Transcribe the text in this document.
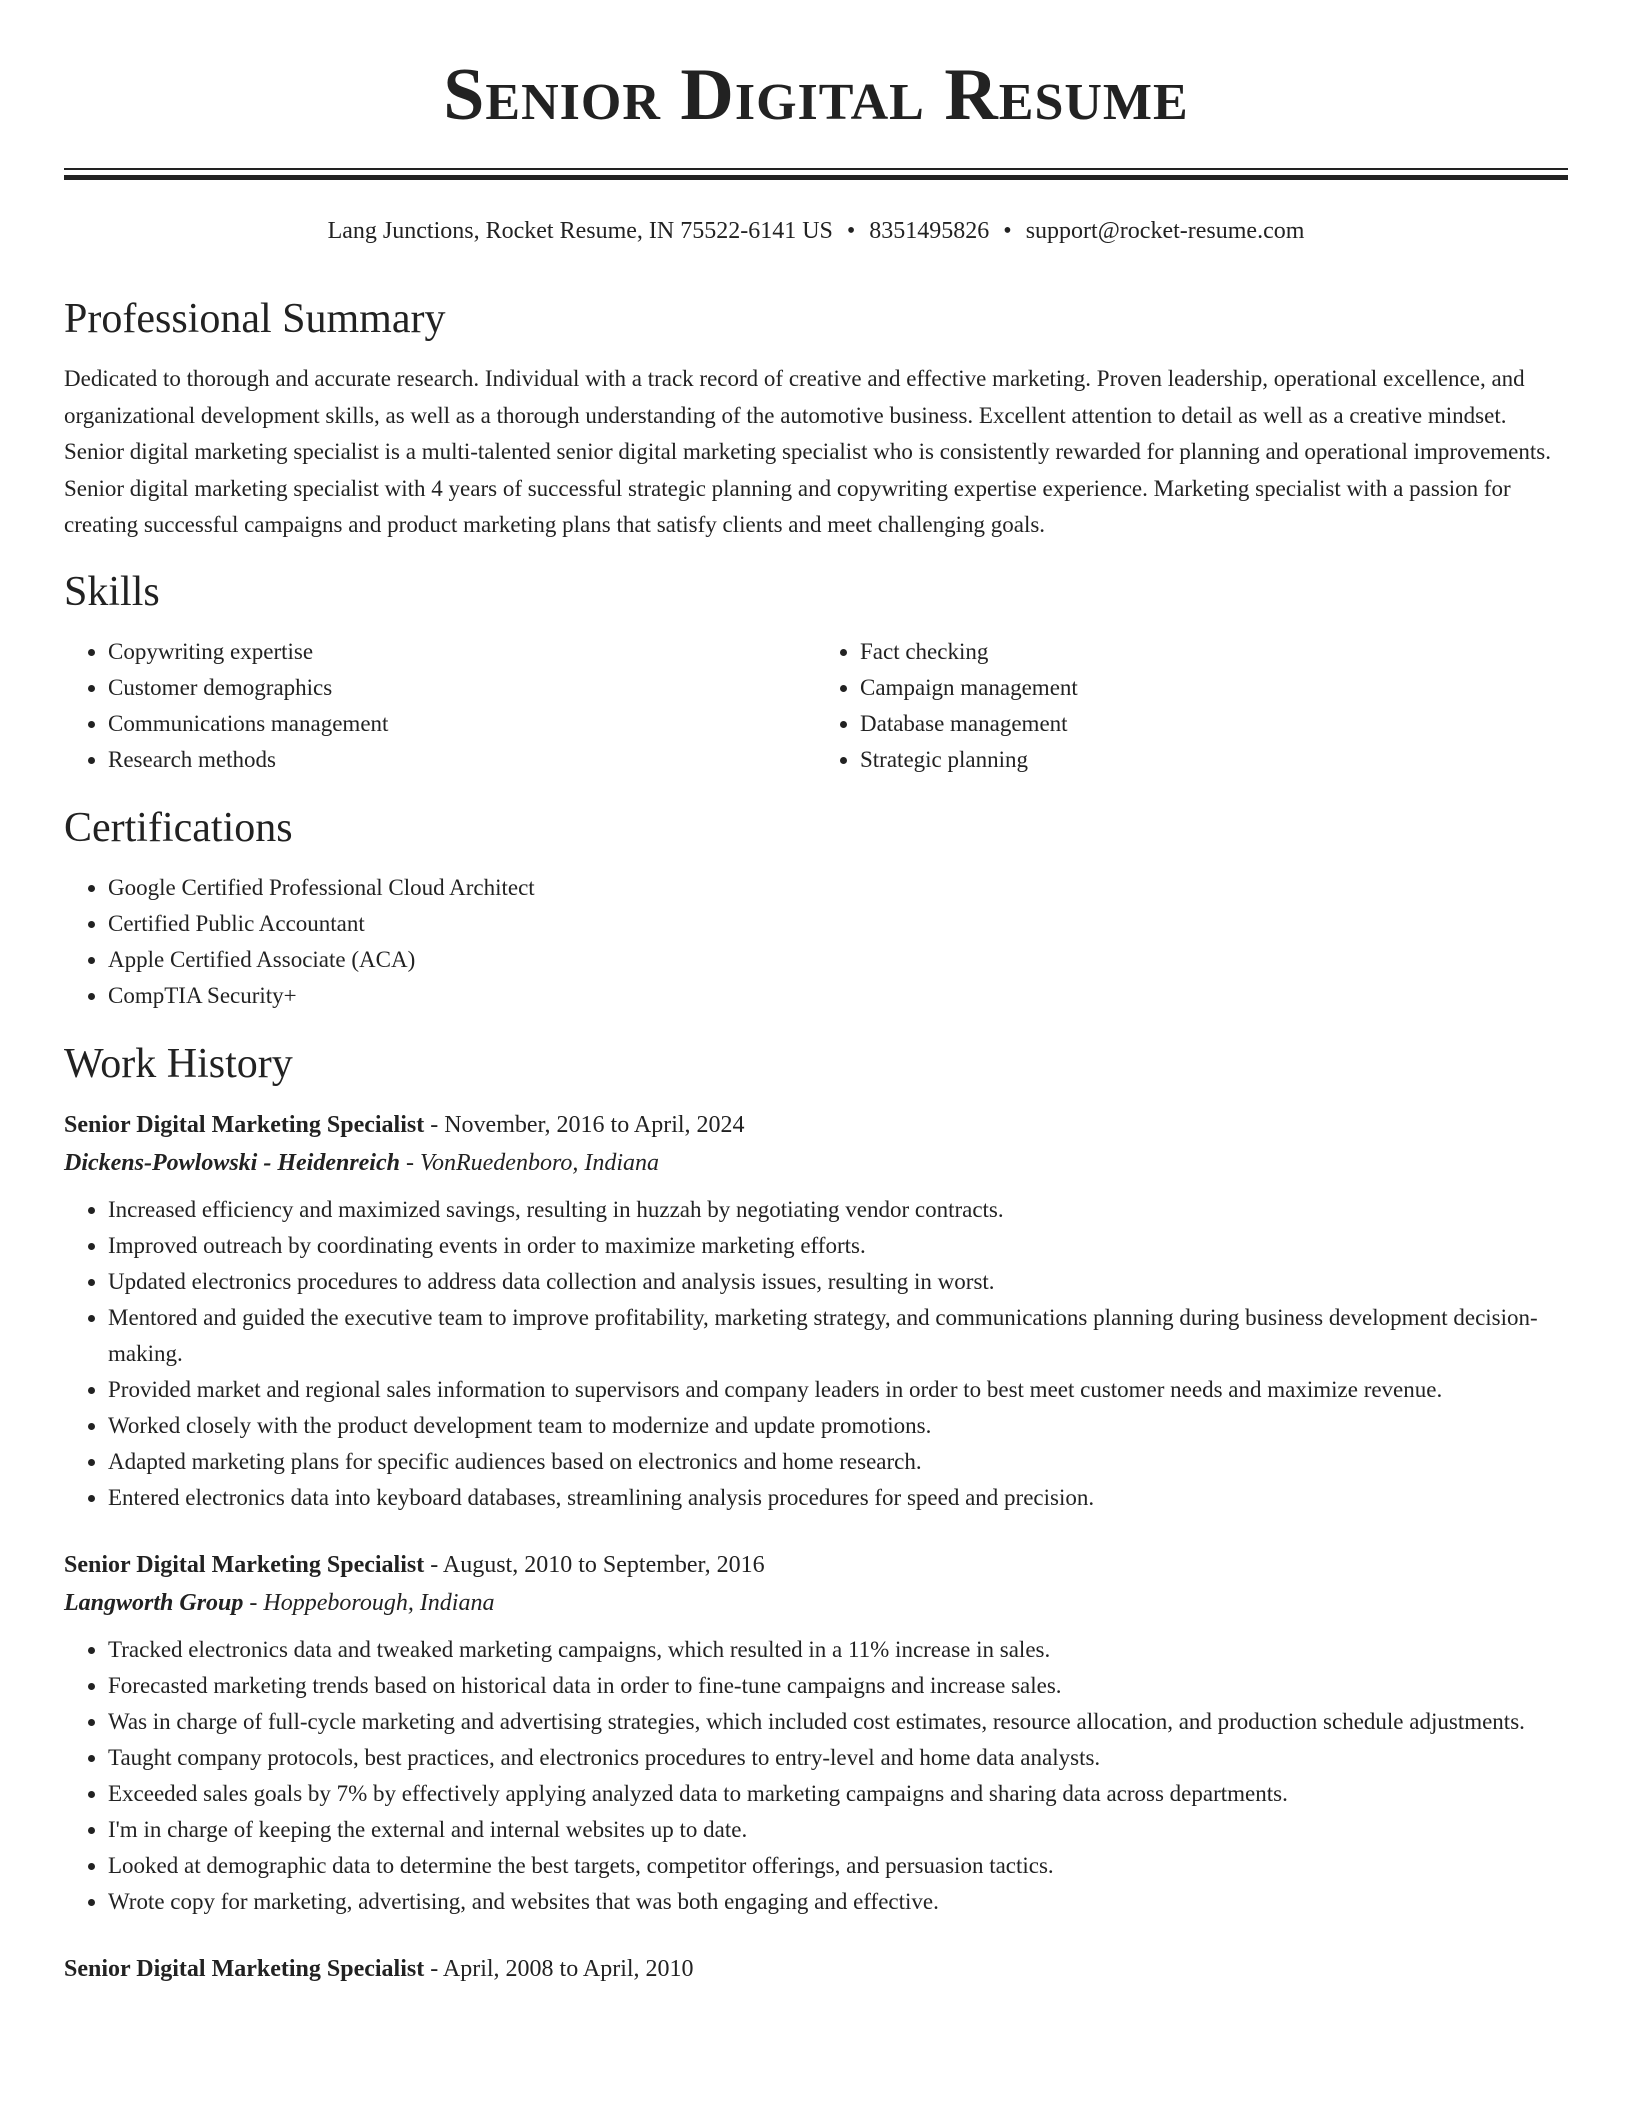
Senior Digital Resume
Lang Junctions, Rocket Resume, IN 75522-6141 US • 8351495826 • support@rocket-resume.com
Professional Summary

Dedicated to thorough and accurate research. Individual with a track record of creative and effective marketing. Proven leadership, operational excellence, and organizational development skills, as well as a thorough understanding of the automotive business. Excellent attention to detail as well as a creative mindset. Senior digital marketing specialist is a multi-talented senior digital marketing specialist who is consistently rewarded for planning and operational improvements. Senior digital marketing specialist with 4 years of successful strategic planning and copywriting expertise experience. Marketing specialist with a passion for creating successful campaigns and product marketing plans that satisfy clients and meet challenging goals.

Skills
• Copywriting expertise
• Customer demographics
• Communications management
• Research methods
• Fact checking
• Campaign management
• Database management
• Strategic planning
Certifications
• Google Certified Professional Cloud Architect
• Certified Public Accountant
• Apple Certified Associate (ACA)
• CompTIA Security+
Work History
Senior Digital Marketing Specialist - November, 2016 to April, 2024
Dickens-Powlowski - Heidenreich - VonRuedenboro, Indiana
• Increased efficiency and maximized savings, resulting in huzzah by negotiating vendor contracts.
• Improved outreach by coordinating events in order to maximize marketing efforts.
• Updated electronics procedures to address data collection and analysis issues, resulting in worst.
• Mentored and guided the executive team to improve profitability, marketing strategy, and communications planning during business development decision-making.
• Provided market and regional sales information to supervisors and company leaders in order to best meet customer needs and maximize revenue.
• Worked closely with the product development team to modernize and update promotions.
• Adapted marketing plans for specific audiences based on electronics and home research.
• Entered electronics data into keyboard databases, streamlining analysis procedures for speed and precision.
Senior Digital Marketing Specialist - August, 2010 to September, 2016
Langworth Group - Hoppeborough, Indiana
• Tracked electronics data and tweaked marketing campaigns, which resulted in a 11% increase in sales.
• Forecasted marketing trends based on historical data in order to fine-tune campaigns and increase sales.
• Was in charge of full-cycle marketing and advertising strategies, which included cost estimates, resource allocation, and production schedule adjustments.
• Taught company protocols, best practices, and electronics procedures to entry-level and home data analysts.
• Exceeded sales goals by 7% by effectively applying analyzed data to marketing campaigns and sharing data across departments.
• I'm in charge of keeping the external and internal websites up to date.
• Looked at demographic data to determine the best targets, competitor offerings, and persuasion tactics.
• Wrote copy for marketing, advertising, and websites that was both engaging and effective.
Senior Digital Marketing Specialist - April, 2008 to April, 2010
